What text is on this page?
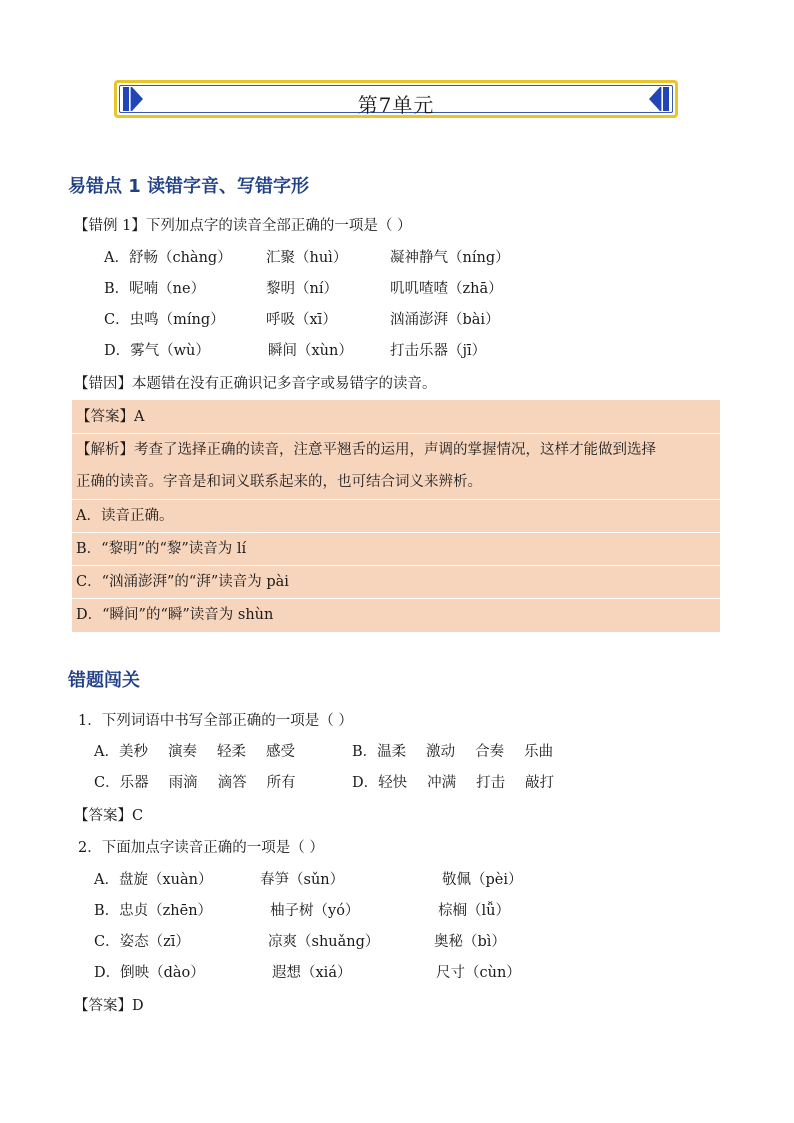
第7单元
易错点 1 读错字音、写错字形
【错例 1】下列加点字的读音全部正确的一项是（ ）
A．舒畅（chàng） 汇聚（huì）	凝神静气（níng）
B．呢喃（ne）	黎明（ní）	叽叽喳喳（zhā）
C．虫鸣（míng）	呼吸（xī）	汹涌澎湃（bài）
D．雾气（wù）	瞬间（xùn）	打击乐器（jī）
【错因】本题错在没有正确识记多音字或易错字的读音。
【答案】A
【解析】考查了选择正确的读音，注意平翘舌的运用，声调的掌握情况，这样才能做到选择
正确的读音。字音是和词义联系起来的，也可结合词义来辨析。
A．读音正确。
B．“黎明”的“黎”读音为 lí
C．“汹涌澎湃”的“湃”读音为 pài
D．“瞬间”的“瞬”读音为 shùn
错题闯关
1．下列词语中书写全部正确的一项是（ ）
A．美秒 演奏 轻柔 感受	B．温柔 激动 合奏 乐曲
C．乐器 雨滴 滴答 所有	D．轻快 冲满 打击 敲打
【答案】C
2．下面加点字读音正确的一项是（ ）
A．盘旋（xuàn）	春笋（sǔn）	敬佩（pèi）
B．忠贞（zhēn）	柚子树（yó）	棕榈（lǚ）
C．姿态（zī）	凉爽（shuǎng）	奥秘（bì）
D．倒映（dào）	遐想（xiá）	尺寸（cùn）
【答案】D
